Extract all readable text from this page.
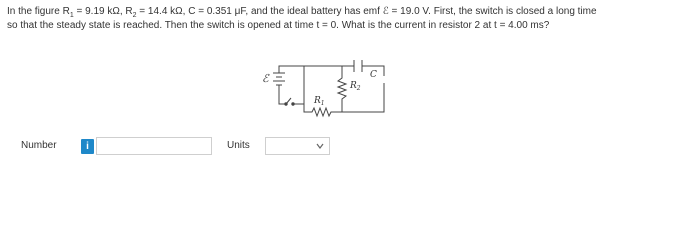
In the figure $R_1 = 9.19$ kΩ, $R_2 = 14.4$ kΩ, C = 0.351 μF, and the ideal battery has emf ℰ = 19.0 V. First, the switch is closed a long time
so that the steady state is reached. Then the switch is opened at time t = 0. What is the current in resistor 2 at t = 4.00 ms?
ℰ
$R_1$
$R_2$
C
Number	i	Units
